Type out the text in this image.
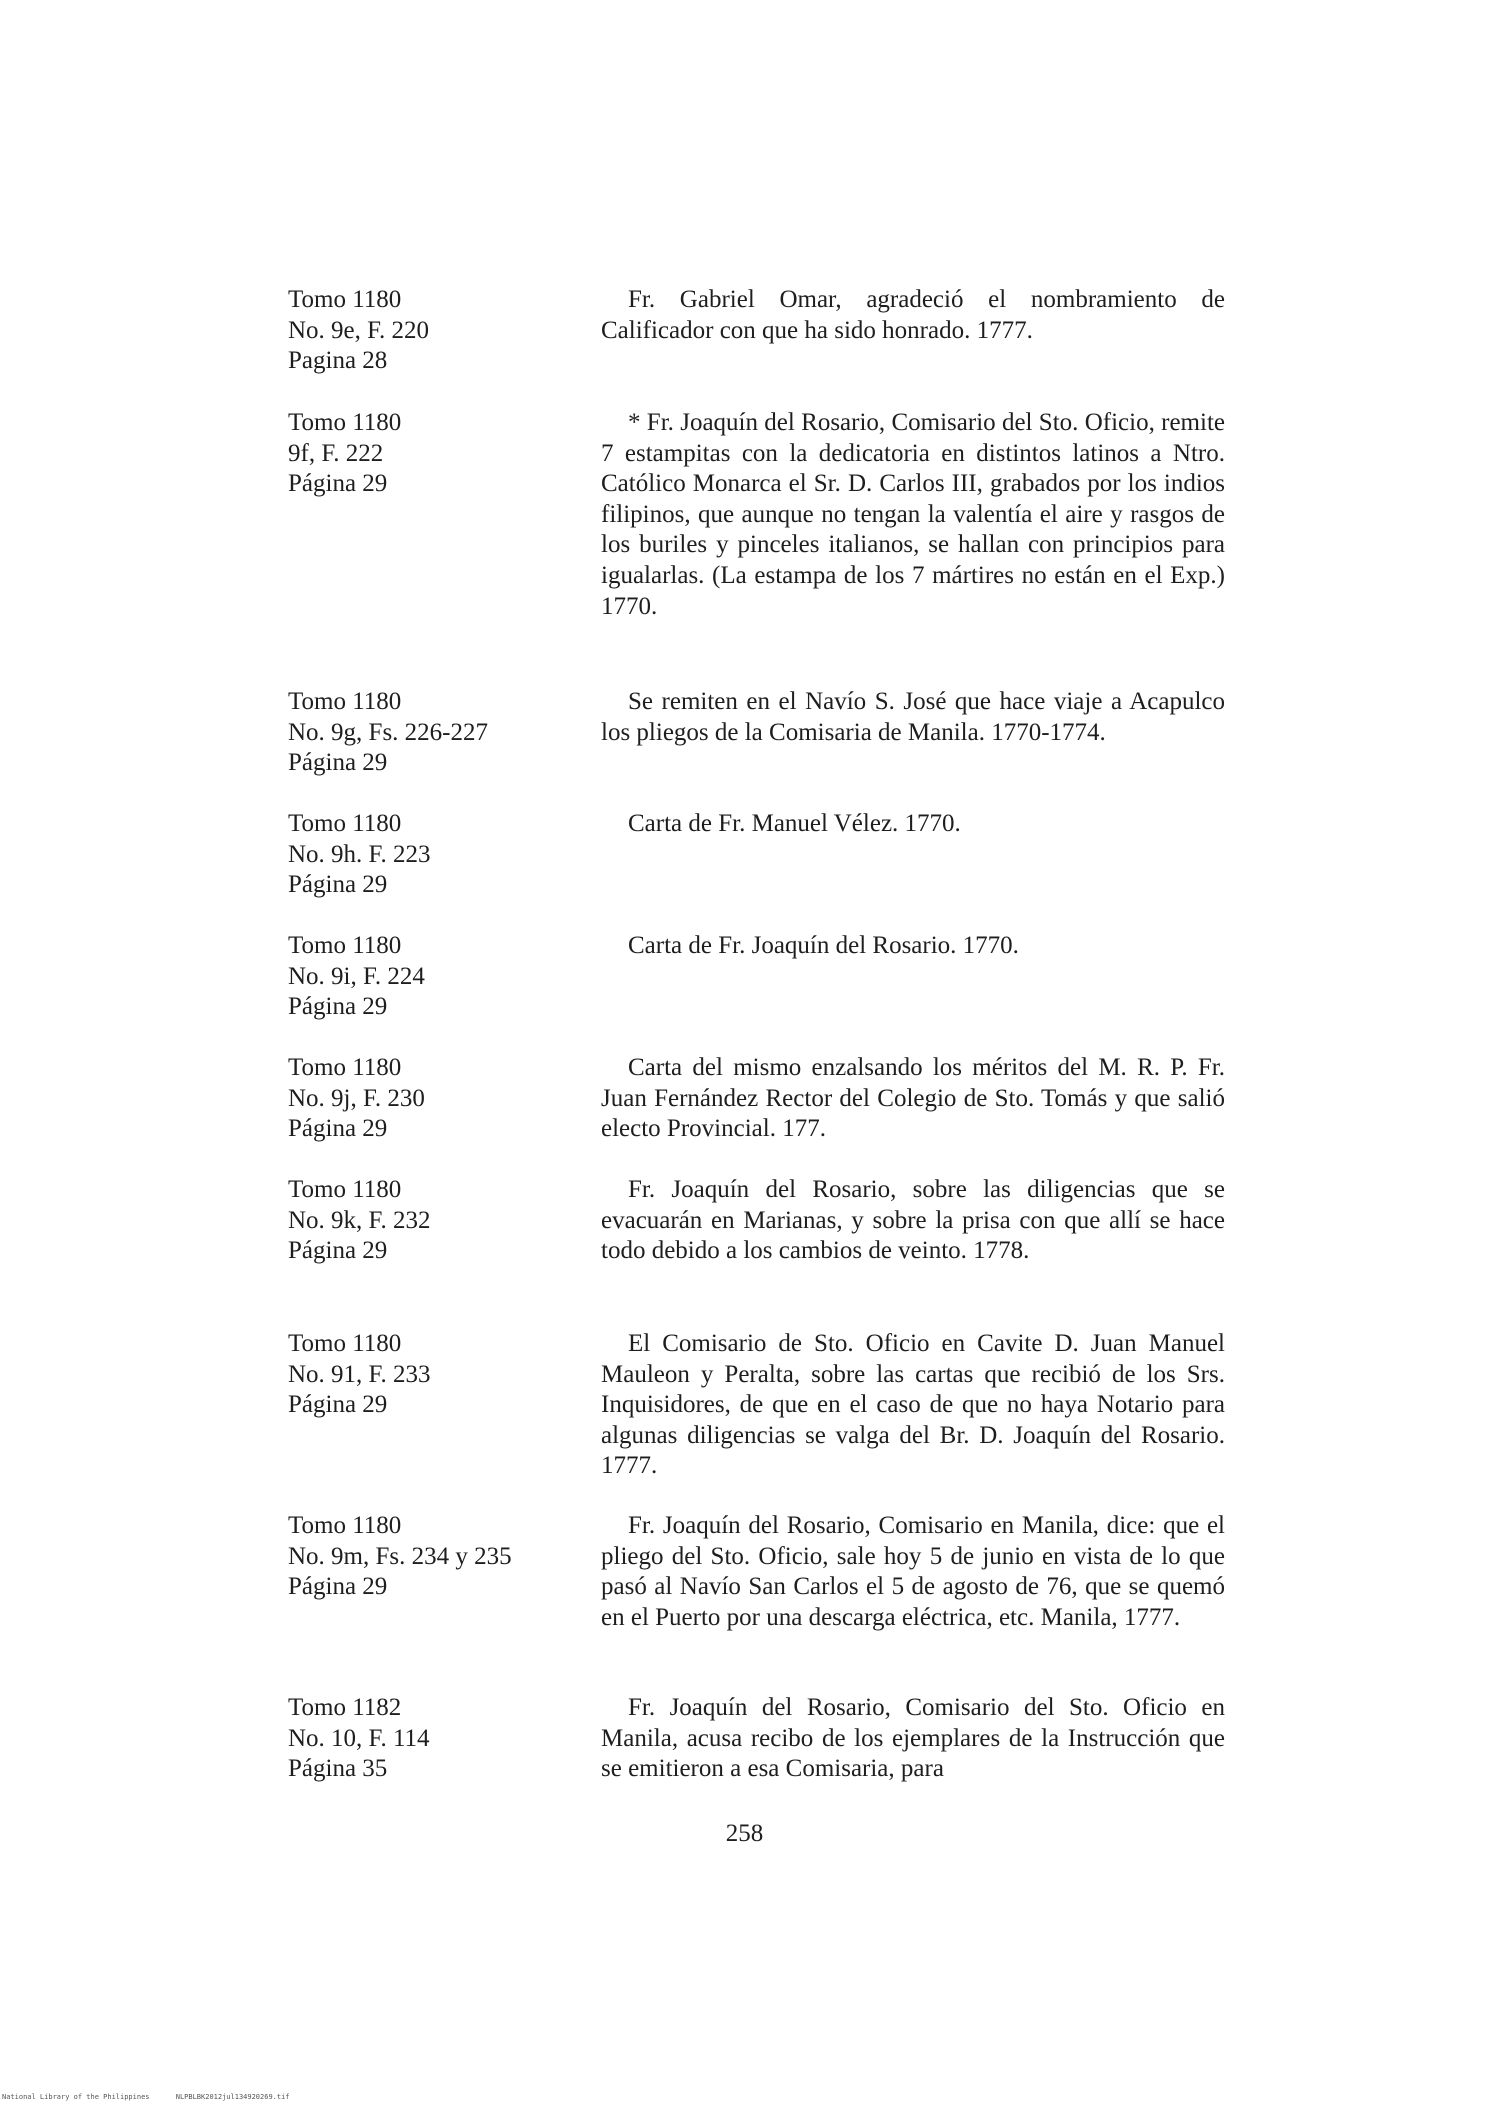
Tomo 1180
No. 9e, F. 220
Pagina 28
Fr. Gabriel Omar, agradeció el nombramiento de Calificador con que ha sido honrado. 1777.
Tomo 1180
9f, F. 222
Página 29
* Fr. Joaquín del Rosario, Comisario del Sto. Oficio, remite 7 estampitas con la dedicatoria en distintos latinos a Ntro. Católico Monarca el Sr. D. Carlos III, grabados por los indios filipinos, que aunque no tengan la valentía el aire y rasgos de los buriles y pinceles italianos, se hallan con principios para igualarlas. (La estampa de los 7 mártires no están en el Exp.) 1770.
Tomo 1180
No. 9g, Fs. 226-227
Página 29
Se remiten en el Navío S. José que hace viaje a Acapulco los pliegos de la Comisaria de Manila. 1770-1774.
Tomo 1180
No. 9h. F. 223
Página 29
Carta de Fr. Manuel Vélez. 1770.
Tomo 1180
No. 9i, F. 224
Página 29
Carta de Fr. Joaquín del Rosario. 1770.
Tomo 1180
No. 9j, F. 230
Página 29
Carta del mismo enzalsando los méritos del M. R. P. Fr. Juan Fernández Rector del Colegio de Sto. Tomás y que salió electo Provincial. 177.
Tomo 1180
No. 9k, F. 232
Página 29
Fr. Joaquín del Rosario, sobre las diligencias que se evacuarán en Marianas, y sobre la prisa con que allí se hace todo debido a los cambios de veinto. 1778.
Tomo 1180
No. 91, F. 233
Página 29
El Comisario de Sto. Oficio en Cavite D. Juan Manuel Mauleon y Peralta, sobre las cartas que recibió de los Srs. Inquisidores, de que en el caso de que no haya Notario para algunas diligencias se valga del Br. D. Joaquín del Rosario. 1777.
Tomo 1180
No. 9m, Fs. 234 y 235
Página 29
Fr. Joaquín del Rosario, Comisario en Manila, dice: que el pliego del Sto. Oficio, sale hoy 5 de junio en vista de lo que pasó al Navío San Carlos el 5 de agosto de 76, que se quemó en el Puerto por una descarga eléctrica, etc. Manila, 1777.
Tomo 1182
No. 10, F. 114
Página 35
Fr. Joaquín del Rosario, Comisario del Sto. Oficio en Manila, acusa recibo de los ejemplares de la Instrucción que se emitieron a esa Comisaria, para
258
National Library of the Philippines	NLPBLBK2012jul134920269.tif
